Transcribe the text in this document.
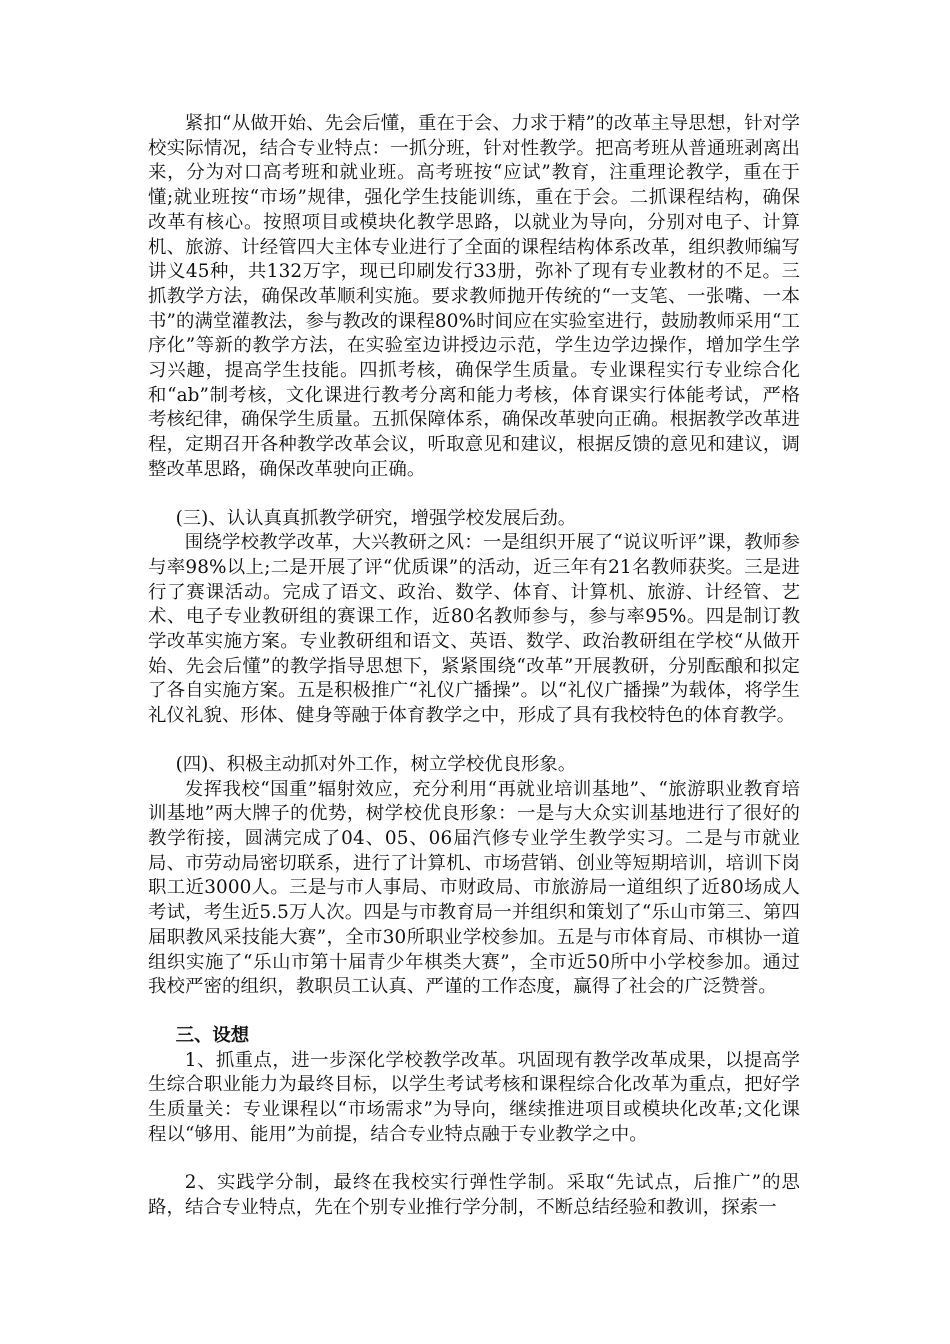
紧扣“从做开始、先会后懂，重在于会、力求于精”的改革主导思想，针对学校实际情况，结合专业特点：一抓分班，针对性教学。把高考班从普通班剥离出来，分为对口高考班和就业班。高考班按“应试”教育，注重理论教学，重在于懂;就业班按“市场”规律，强化学生技能训练，重在于会。二抓课程结构，确保改革有核心。按照项目或模块化教学思路，以就业为导向，分别对电子、计算机、旅游、计经管四大主体专业进行了全面的课程结构体系改革，组织教师编写讲义45种，共132万字，现已印刷发行33册，弥补了现有专业教材的不足。三抓教学方法，确保改革顺利实施。要求教师抛开传统的“一支笔、一张嘴、一本书”的满堂灌教法，参与教改的课程80%时间应在实验室进行，鼓励教师采用“工序化”等新的教学方法，在实验室边讲授边示范，学生边学边操作，增加学生学习兴趣，提高学生技能。四抓考核，确保学生质量。专业课程实行专业综合化和“ab”制考核，文化课进行教考分离和能力考核，体育课实行体能考试，严格考核纪律，确保学生质量。五抓保障体系，确保改革驶向正确。根据教学改革进程，定期召开各种教学改革会议，听取意见和建议，根据反馈的意见和建议，调整改革思路，确保改革驶向正确。

(三)、认认真真抓教学研究，增强学校发展后劲。

围绕学校教学改革，大兴教研之风：一是组织开展了“说议听评”课，教师参与率98%以上;二是开展了评“优质课”的活动，近三年有21名教师获奖。三是进行了赛课活动。完成了语文、政治、数学、体育、计算机、旅游、计经管、艺术、电子专业教研组的赛课工作，近80名教师参与，参与率95%。四是制订教学改革实施方案。专业教研组和语文、英语、数学、政治教研组在学校“从做开始、先会后懂”的教学指导思想下，紧紧围绕“改革”开展教研，分别酝酿和拟定了各自实施方案。五是积极推广“礼仪广播操”。以“礼仪广播操”为载体，将学生礼仪礼貌、形体、健身等融于体育教学之中，形成了具有我校特色的体育教学。

(四)、积极主动抓对外工作，树立学校优良形象。

发挥我校“国重”辐射效应，充分利用“再就业培训基地”、“旅游职业教育培训基地”两大牌子的优势，树学校优良形象：一是与大众实训基地进行了很好的教学衔接，圆满完成了04、05、06届汽修专业学生教学实习。二是与市就业局、市劳动局密切联系，进行了计算机、市场营销、创业等短期培训，培训下岗职工近3000人。三是与市人事局、市财政局、市旅游局一道组织了近80场成人考试，考生近5.5万人次。四是与市教育局一并组织和策划了“乐山市第三、第四届职教风采技能大赛”，全市30所职业学校参加。五是与市体育局、市棋协一道组织实施了“乐山市第十届青少年棋类大赛”，全市近50所中小学校参加。通过我校严密的组织，教职员工认真、严谨的工作态度，赢得了社会的广泛赞誉。

三、设想

1、抓重点，进一步深化学校教学改革。巩固现有教学改革成果，以提高学生综合职业能力为最终目标，以学生考试考核和课程综合化改革为重点，把好学生质量关：专业课程以“市场需求”为导向，继续推进项目或模块化改革;文化课程以“够用、能用”为前提，结合专业特点融于专业教学之中。

2、实践学分制，最终在我校实行弹性学制。采取“先试点，后推广”的思路，结合专业特点，先在个别专业推行学分制，不断总结经验和教训，探索一
